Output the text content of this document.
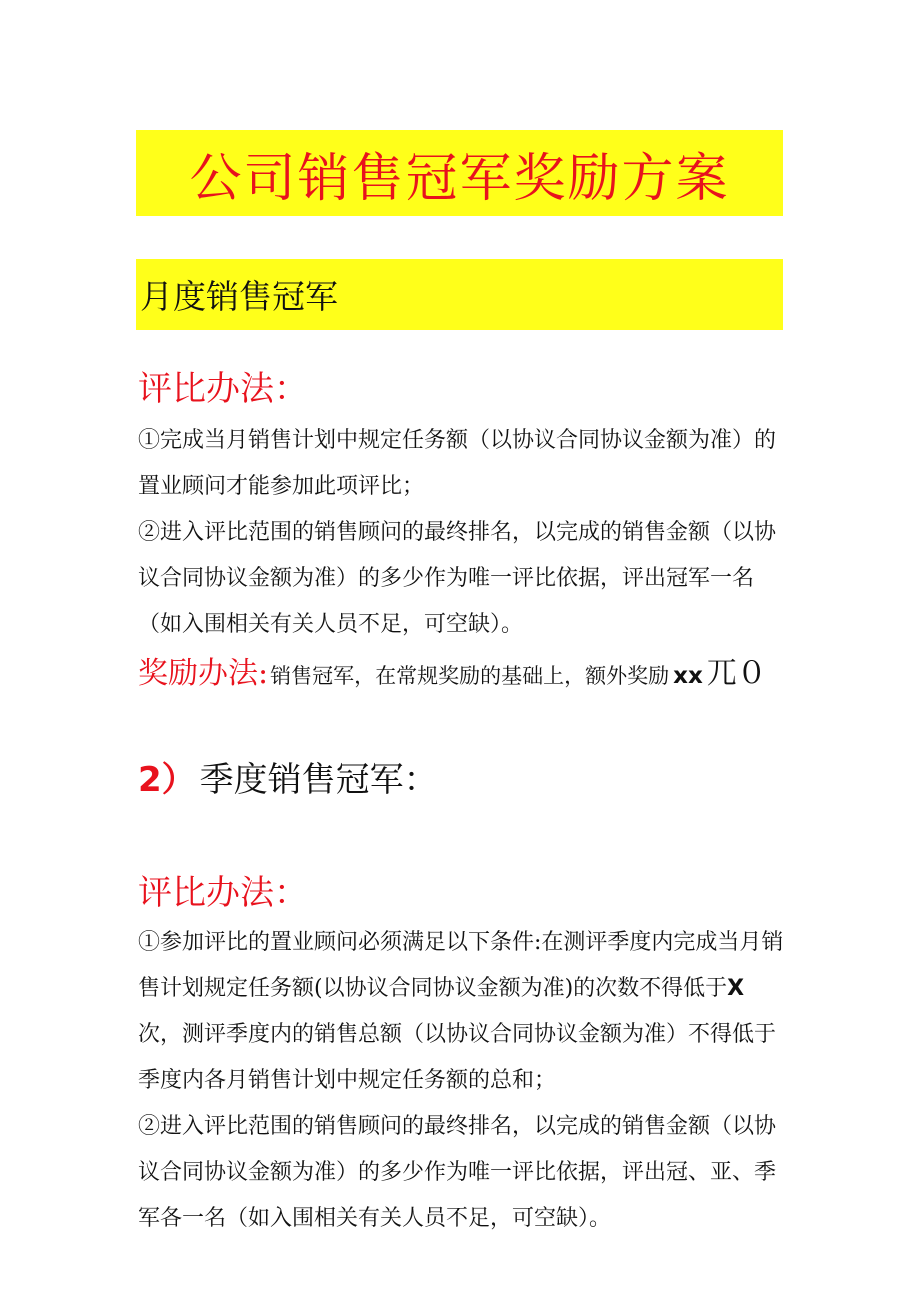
公司销售冠军奖励方案
月度销售冠军
评比办法：
①完成当月销售计划中规定任务额（以协议合同协议金额为准）的置业顾问才能参加此项评比；
②进入评比范围的销售顾问的最终排名，以完成的销售金额（以协议合同协议金额为准）的多少作为唯一评比依据，评出冠军一名（如入围相关有关人员不足，可空缺）。
奖励办法: 销售冠军，在常规奖励的基础上，额外奖励 xx 兀０
2） 季度销售冠军：
评比办法：
①参加评比的置业顾问必须满足以下条件:在测评季度内完成当月销售计划规定任务额(以协议合同协议金额为准)的次数不得低于X次，测评季度内的销售总额（以协议合同协议金额为准）不得低于季度内各月销售计划中规定任务额的总和；
②进入评比范围的销售顾问的最终排名，以完成的销售金额（以协议合同协议金额为准）的多少作为唯一评比依据，评出冠、亚、季军各一名（如入围相关有关人员不足，可空缺）。
